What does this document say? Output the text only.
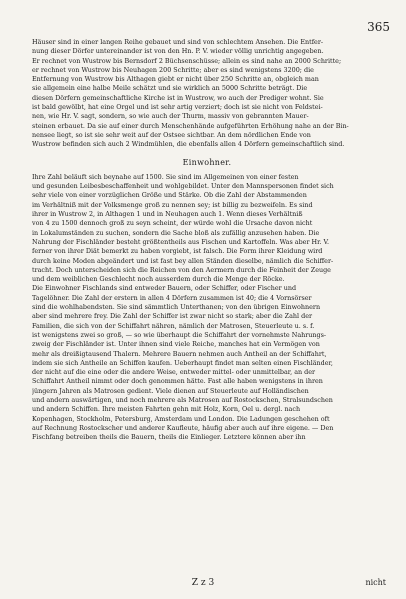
365
Häuser sind in einer langen Reihe gebauet und sind von schlechtem Ansehen. Die Entfer-
nung dieser Dörfer untereinander ist von den Hn. P. V. wieder völlig unrichtig angegeben.
Er rechnet von Wustrow bis Bernsdorf 2 Büchsenschüsse; allein es sind nahe an 2000 Schritte;
er rechnet von Wustrow bis Neuhagen 200 Schritte; aber es sind wenigstens 3200; die
Entfernung von Wustrow bis Althagen giebt er nicht über 250 Schritte an, obgleich man
sie allgemein eine halbe Meile schätzt und sie wirklich an 5000 Schritte beträgt. Die
diesen Dörfern gemeinschaftliche Kirche ist in Wustrow, wo auch der Prediger wohnt. Sie
ist bald gewölbt, hat eine Orgel und ist sehr artig verziert; doch ist sie nicht von Feldstei-
nen, wie Hr. V. sagt, sondern, so wie auch der Thurm, massiv von gebrannten Mauer-
steinen erbauet. Da sie auf einer durch Menschenhände aufgeführten Erhöhung nahe an der Bin-
nensee liegt, so ist sie sehr weit auf der Ostsee sichtbar. An dem nördlichen Ende von
Wustrow befinden sich auch 2 Windmühlen, die ebenfalls allen 4 Dörfern gemeinschaftlich sind.
Einwohner.
Ihre Zahl beläuft sich beynahe auf 1500. Sie sind im Allgemeinen von einer festen
und gesunden Leibesbeschaffenheit und wohlgebildet. Unter den Mannspersonen findet sich
sehr viele von einer vorzüglichen Größe und Stärke. Ob die Zahl der Abstammenden
im Verhältniß mit der Volksmenge groß zu nennen sey; ist billig zu bezweifeln. Es sind
ihrer in Wustrow 2, in Althagen 1 und in Neuhagen auch 1. Wenn dieses Verhältniß
von 4 zu 1500 dennoch groß zu seyn scheint, der würde wohl die Ursache davon nicht
in Lokalumständen zu suchen, sondern die Sache bloß als zufällig anzusehen haben. Die
Nahrung der Fischländer besteht größtentheils aus Fischen und Kartoffeln. Was aber Hr. V.
ferner von ihrer Diät bemerkt zu haben vorgiebt, ist falsch. Die Form ihrer Kleidung wird
durch keine Moden abgeändert und ist fast bey allen Ständen dieselbe, nämlich die Schiffer-
tracht. Doch unterscheiden sich die Reichen von den Aermern durch die Feinheit der Zeuge
und dem weiblichen Geschlecht noch ausserdem durch die Menge der Röcke.
Die Einwohner Fischlands sind entweder Bauern, oder Schiffer, oder Fischer und
Tagelöhner. Die Zahl der erstern in allen 4 Dörfern zusammen ist 40; die 4 Vornsörser
sind die wohlhabendsten. Sie sind sämmtlich Unterthanen; von den übrigen Einwohnern
aber sind mehrere frey. Die Zahl der Schiffer ist zwar nicht so stark; aber die Zahl der
Familien, die sich von der Schiffahrt nähren, nämlich der Matrosen, Steuerleute u. s. f.
ist wenigstens zwei so groß, — so wie überhaupt die Schiffahrt der vornehmste Nahrungs-
zweig der Fischländer ist. Unter ihnen sind viele Reiche, manches hat ein Vermögen von
mehr als dreißigtausend Thalern. Mehrere Bauern nehmen auch Antheil an der Schiffahrt,
indem sie sich Antheile an Schiffen kaufen. Ueberhaupt findet man selten einen Fischländer,
der nicht auf die eine oder die andere Weise, entweder mittel- oder unmittelbar, an der
Schiffahrt Antheil nimmt oder doch genommen hätte. Fast alle haben wenigstens in ihren
jüngern Jahren als Matrosen gedient. Viele dienen auf Steuerleute auf Holländischen
und andern auswärtigen, und noch mehrere als Matrosen auf Rostockschen, Stralsundschen
und andern Schiffen. Ihre meisten Fahrten gehn mit Holz, Korn, Oel u. dergl. nach
Kopenhagen, Stockholm, Petersburg, Amsterdam und London. Die Ladungen geschehen oft
auf Rechnung Rostockscher und anderer Kaufleute, häufig aber auch auf ihre eigene. — Den
Fischfang betreiben theils die Bauern, theils die Einlieger. Letztere können aber ihn
Z z 3	nicht
